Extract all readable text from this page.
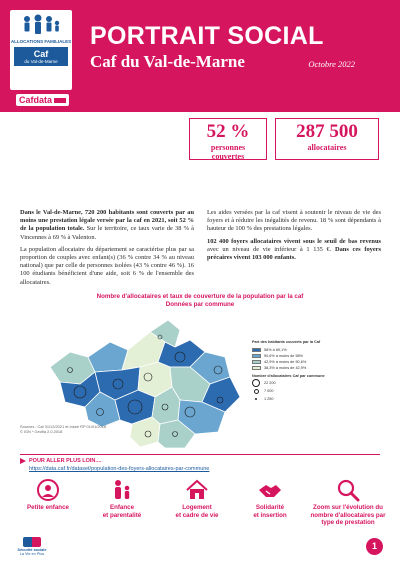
ALLOCATIONS FAMILIALES
Caf
du Val-de-Marne
Cafdata
PORTRAIT SOCIAL
Caf du Val-de-Marne	Octobre 2022
52 %
personnes
couvertes
287 500
allocataires

Dans le Val-de-Marne, 720 200 habitants sont couverts par au moins une prestation légale versée par la caf en 2021, soit 52 % de la population totale. Sur le territoire, ce taux varie de 38 % à Vincennes à 69 % à Valenton.

La population allocataire du département se caractérise plus par sa proportion de couples avec enfant(s) (36 % contre 34 % au niveau national) que par celle de personnes isolées (43 % contre 46 %). 16 100 étudiants bénéficient d'une aide, soit 6 % de l'ensemble des allocataires.

Les aides versées par la caf visent à soutenir le niveau de vie des foyers et à réduire les inégalités de revenu. 18 % sont dépendants à hauteur de 100 % des prestations légales.

102 400 foyers allocataires vivent sous le seuil de bas revenus avec un niveau de vie inférieur à 1 135 €. Dans ces foyers précaires vivent 103 000 enfants.

Nombre d'allocataires et taux de couverture de la population par la caf
Données par commune
Part des habitants couverts par la Caf
58% à 69,1%
50,6% à moins de 58%
42,9% à moins de 50,6%
38,3% à moins de 42,9%
Nombre d'allocataires Caf par commune
22 200
7 000
1 250
Sources : Caf 31/12/2021 et Insee RP 01/01/2018
© IGN * Geofla 2.0.2018
POUR ALLER PLUS LOIN....
https://data.caf.fr/dataset/population-des-foyers-allocataires-par-commune
Petite enfance	Enfance
et parentalité
Logement
et cadre de vie
Solidarité
et insertion
Zoom sur l'évolution du
nombre d'allocataires par
type de prestation
Sécurité sociale
La Vie en Plus
1
